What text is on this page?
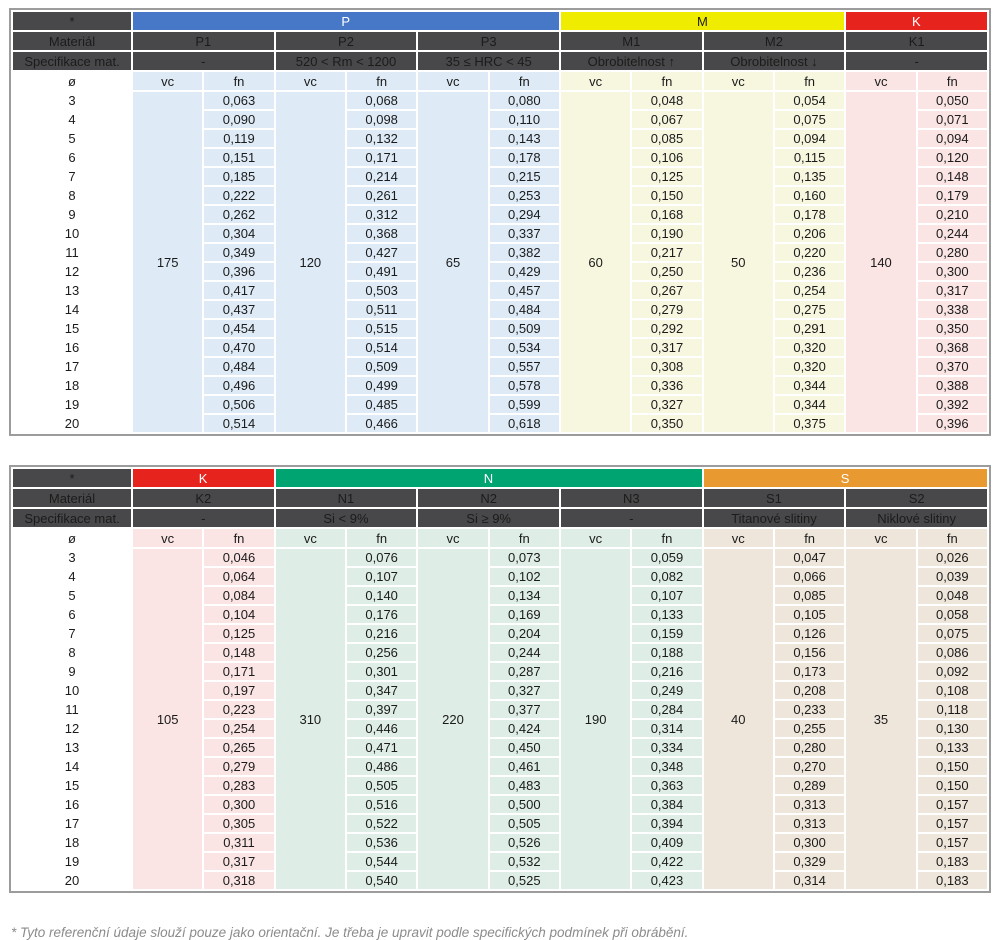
*	P						M				K	
Materiál	P1		P2		P3		M1		M2		K1	
Specifikace mat.	-		520 < Rm < 1200		35 ≤ HRC < 45		Obrobitelnost ↑		Obrobitelnost ↓		-	
ø	vc	fn	vc	fn	vc	fn	vc	fn	vc	fn	vc	fn
3	175	0,063	120	0,068	65	0,080	60	0,048	50	0,054	140	0,050
4		0,090		0,098		0,110		0,067		0,075		0,071
5		0,119		0,132		0,143		0,085		0,094		0,094
6		0,151		0,171		0,178		0,106		0,115		0,120
7		0,185		0,214		0,215		0,125		0,135		0,148
8		0,222		0,261		0,253		0,150		0,160		0,179
9		0,262		0,312		0,294		0,168		0,178		0,210
10		0,304		0,368		0,337		0,190		0,206		0,244
11		0,349		0,427		0,382		0,217		0,220		0,280
12		0,396		0,491		0,429		0,250		0,236		0,300
13		0,417		0,503		0,457		0,267		0,254		0,317
14		0,437		0,511		0,484		0,279		0,275		0,338
15		0,454		0,515		0,509		0,292		0,291		0,350
16		0,470		0,514		0,534		0,317		0,320		0,368
17		0,484		0,509		0,557		0,308		0,320		0,370
18		0,496		0,499		0,578		0,336		0,344		0,388
19		0,506		0,485		0,599		0,327		0,344		0,392
20		0,514		0,466		0,618		0,350		0,375		0,396
*	K		N						S			
Materiál	K2		N1		N2		N3		S1		S2	
Specifikace mat.	-		Si < 9%		Si ≥ 9%		-		Titanové slitiny		Niklové slitiny	
ø	vc	fn	vc	fn	vc	fn	vc	fn	vc	fn	vc	fn
3	105	0,046	310	0,076	220	0,073	190	0,059	40	0,047	35	0,026
4		0,064		0,107		0,102		0,082		0,066		0,039
5		0,084		0,140		0,134		0,107		0,085		0,048
6		0,104		0,176		0,169		0,133		0,105		0,058
7		0,125		0,216		0,204		0,159		0,126		0,075
8		0,148		0,256		0,244		0,188		0,156		0,086
9		0,171		0,301		0,287		0,216		0,173		0,092
10		0,197		0,347		0,327		0,249		0,208		0,108
11		0,223		0,397		0,377		0,284		0,233		0,118
12		0,254		0,446		0,424		0,314		0,255		0,130
13		0,265		0,471		0,450		0,334		0,280		0,133
14		0,279		0,486		0,461		0,348		0,270		0,150
15		0,283		0,505		0,483		0,363		0,289		0,150
16		0,300		0,516		0,500		0,384		0,313		0,157
17		0,305		0,522		0,505		0,394		0,313		0,157
18		0,311		0,536		0,526		0,409		0,300		0,157
19		0,317		0,544		0,532		0,422		0,329		0,183
20		0,318		0,540		0,525		0,423		0,314		0,183
* Tyto referenční údaje slouží pouze jako orientační. Je třeba je upravit podle specifických podmínek při obrábění.
